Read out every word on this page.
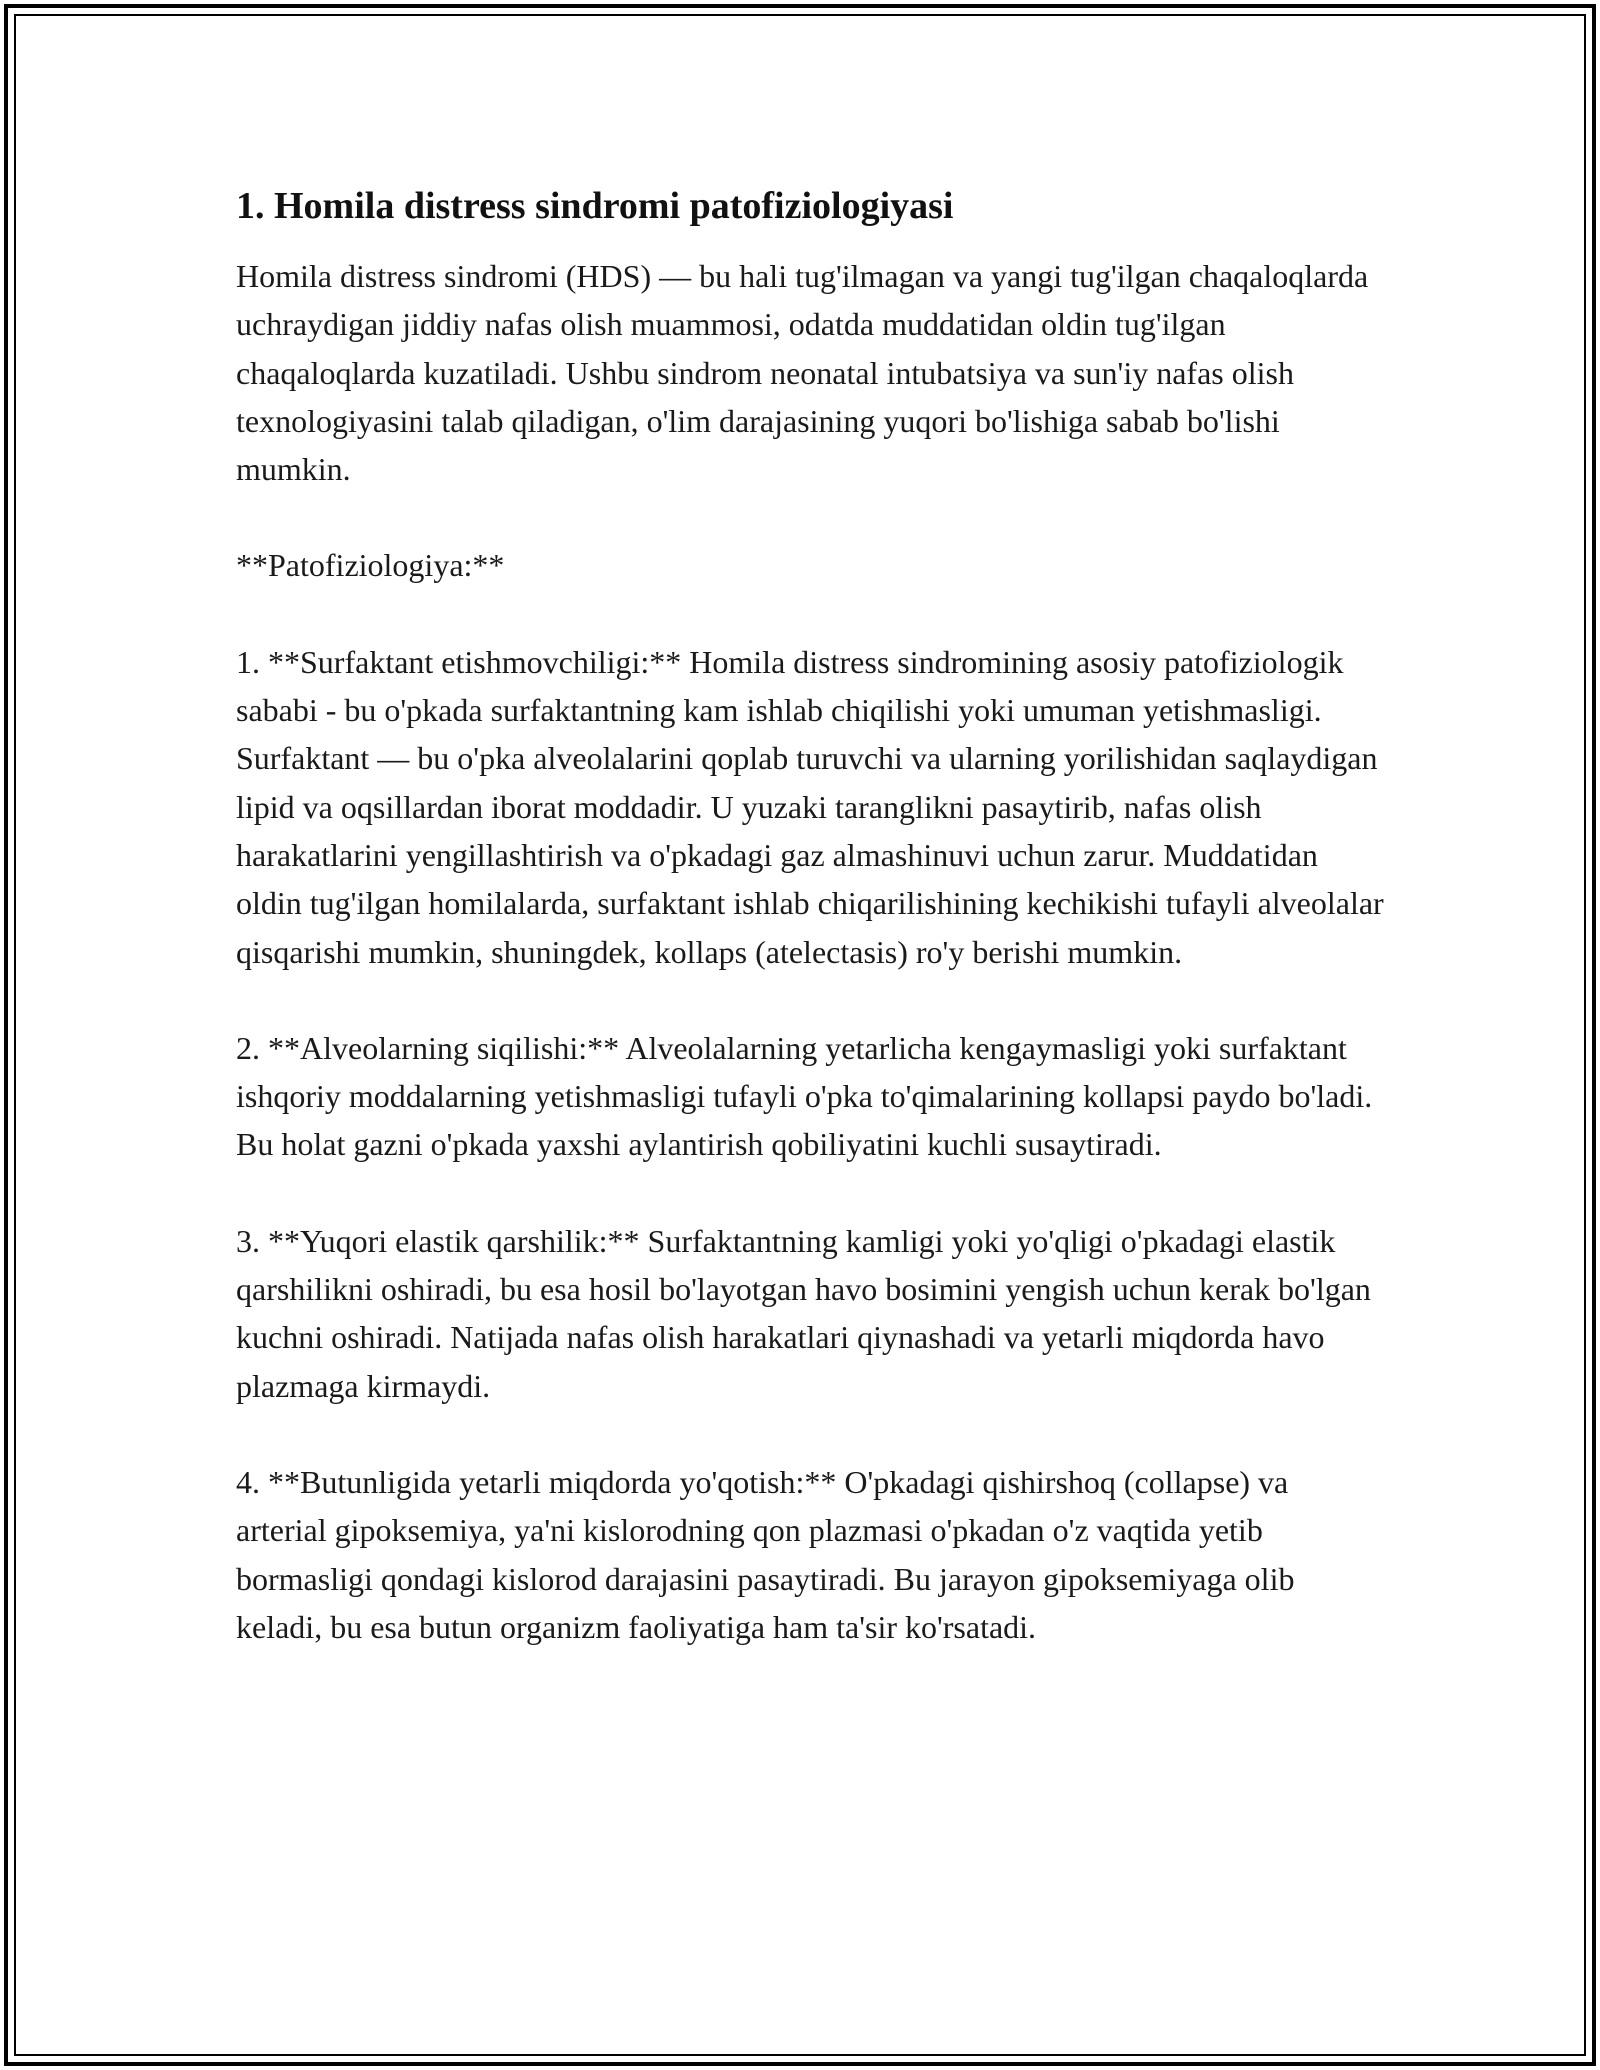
1. Homila distress sindromi patofiziologiyasi

Homila distress sindromi (HDS) — bu hali tug'ilmagan va yangi tug'ilgan chaqaloqlarda uchraydigan jiddiy nafas olish muammosi, odatda muddatidan oldin tug'ilgan chaqaloqlarda kuzatiladi. Ushbu sindrom neonatal intubatsiya va sun'iy nafas olish texnologiyasini talab qiladigan, o'lim darajasining yuqori bo'lishiga sabab bo'lishi mumkin.

**Patofiziologiya:**

1. **Surfaktant etishmovchiligi:** Homila distress sindromining asosiy patofiziologik sababi - bu o'pkada surfaktantning kam ishlab chiqilishi yoki umuman yetishmasligi. Surfaktant — bu o'pka alveolalarini qoplab turuvchi va ularning yorilishidan saqlaydigan lipid va oqsillardan iborat moddadir. U yuzaki taranglikni pasaytirib, nafas olish harakatlarini yengillashtirish va o'pkadagi gaz almashinuvi uchun zarur. Muddatidan oldin tug'ilgan homilalarda, surfaktant ishlab chiqarilishining kechikishi tufayli alveolalar qisqarishi mumkin, shuningdek, kollaps (atelectasis) ro'y berishi mumkin.

2. **Alveolarning siqilishi:** Alveolalarning yetarlicha kengaymasligi yoki surfaktant ishqoriy moddalarning yetishmasligi tufayli o'pka to'qimalarining kollapsi paydo bo'ladi. Bu holat gazni o'pkada yaxshi aylantirish qobiliyatini kuchli susaytiradi.

3. **Yuqori elastik qarshilik:** Surfaktantning kamligi yoki yo'qligi o'pkadagi elastik qarshilikni oshiradi, bu esa hosil bo'layotgan havo bosimini yengish uchun kerak bo'lgan kuchni oshiradi. Natijada nafas olish harakatlari qiynashadi va yetarli miqdorda havo plazmaga kirmaydi.

4. **Butunligida yetarli miqdorda yo'qotish:** O'pkadagi qishirshoq (collapse) va arterial gipoksemiya, ya'ni kislorodning qon plazmasi o'pkadan o'z vaqtida yetib bormasligi qondagi kislorod darajasini pasaytiradi. Bu jarayon gipoksemiyaga olib keladi, bu esa butun organizm faoliyatiga ham ta'sir ko'rsatadi.
